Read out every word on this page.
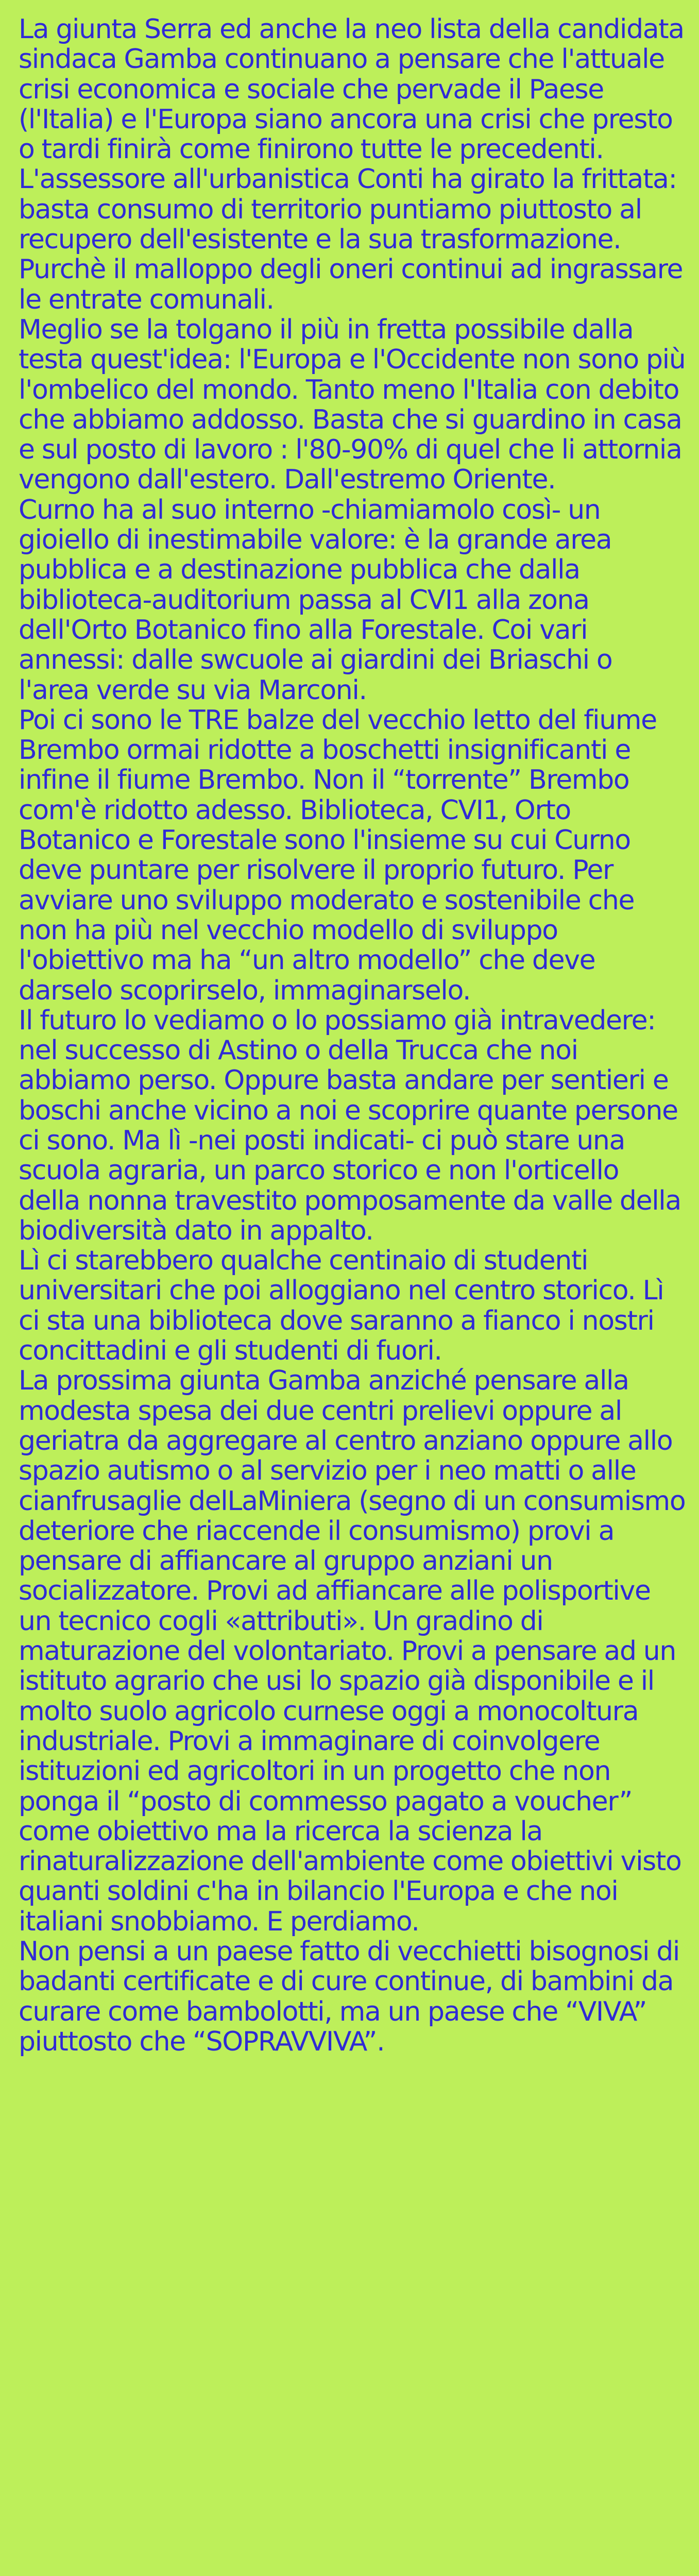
La giunta Serra ed anche la neo lista della candidata sindaca Gamba continuano a pensare che l'attuale crisi economica e sociale che pervade il Paese (l'Italia) e l'Europa siano ancora una crisi che presto o tardi finirà come finirono tutte le precedenti. L'assessore all'urbanistica Conti ha girato la frittata: basta consumo di territorio puntiamo piuttosto al recupero dell'esistente e la sua trasformazione. Purchè il malloppo degli oneri continui ad ingrassare le entrate comunali.

Meglio se la tolgano il più in fretta possibile dalla testa quest'idea: l'Europa e l'Occidente non sono più l'ombelico del mondo. Tanto meno l'Italia con debito che abbiamo addosso. Basta che si guardino in casa e sul posto di lavoro : l'80-90% di quel che li attornia vengono dall'estero. Dall'estremo Oriente.

Curno ha al suo interno -chiamiamolo così- un gioiello di inestimabile valore: è la grande area pubblica e a destinazione pubblica che dalla biblioteca-auditorium passa al CVI1 alla zona dell'Orto Botanico fino alla Forestale. Coi vari annessi: dalle swcuole ai giardini dei Briaschi o l'area verde su via Marconi.

Poi ci sono le TRE balze del vecchio letto del fiume Brembo ormai ridotte a boschetti insignificanti e infine il fiume Brembo. Non il “torrente” Brembo com'è ridotto adesso. Biblioteca, CVI1, Orto Botanico e Forestale sono l'insieme su cui Curno deve puntare per risolvere il proprio futuro. Per avviare uno sviluppo moderato e sostenibile che non ha più nel vecchio modello di sviluppo l'obiettivo ma ha “un altro modello” che deve darselo scoprirselo, immaginarselo.

Il futuro lo vediamo o lo possiamo già intravedere: nel successo di Astino o della Trucca che noi abbiamo perso. Oppure basta andare per sentieri e boschi anche vicino a noi e scoprire quante persone ci sono. Ma lì -nei posti indicati- ci può stare una scuola agraria, un parco storico e non l'orticello della nonna travestito pomposamente da valle della biodiversità dato in appalto.

Lì ci starebbero qualche centinaio di studenti universitari che poi alloggiano nel centro storico. Lì ci sta una biblioteca dove saranno a fianco i nostri concittadini e gli studenti di fuori.

La prossima giunta Gamba anziché pensare alla modesta spesa dei due centri prelievi oppure al geriatra da aggregare al centro anziano oppure allo spazio autismo o al servizio per i neo matti o alle cianfrusaglie delLaMiniera (segno di un consumismo deteriore che riaccende il consumismo) provi a pensare di affiancare al gruppo anziani un socializzatore. Provi ad affiancare alle polisportive un tecnico cogli «attributi». Un gradino di maturazione del volontariato. Provi a pensare ad un istituto agrario che usi lo spazio già disponibile e il molto suolo agricolo curnese oggi a monocoltura industriale. Provi a immaginare di coinvolgere istituzioni ed agricoltori in un progetto che non ponga il “posto di commesso pagato a voucher” come obiettivo ma la ricerca la scienza la rinaturalizzazione dell'ambiente come obiettivi visto quanti soldini c'ha in bilancio l'Europa e che noi italiani snobbiamo. E perdiamo.

Non pensi a un paese fatto di vecchietti bisognosi di badanti certificate e di cure continue, di bambini da curare come bambolotti, ma un paese che “VIVA” piuttosto che “SOPRAVVIVA”.
